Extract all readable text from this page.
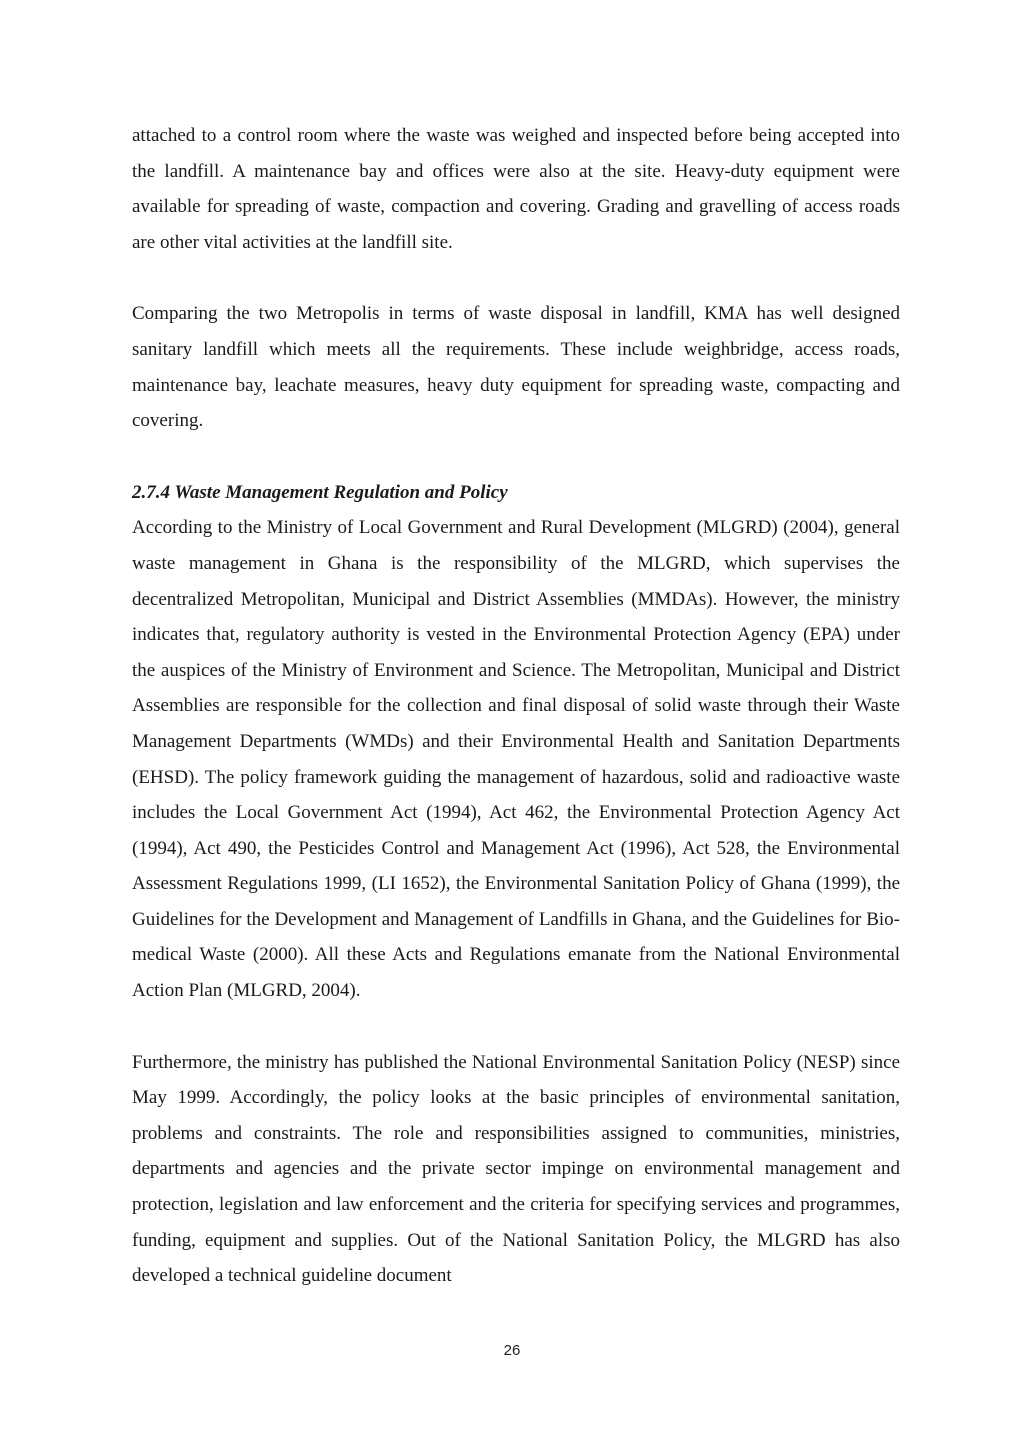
attached to a control room where the waste was weighed and inspected before being accepted into the landfill. A maintenance bay and offices were also at the site. Heavy-duty equipment were available for spreading of waste, compaction and covering. Grading and gravelling of access roads are other vital activities at the landfill site.

Comparing the two Metropolis in terms of waste disposal in landfill, KMA has well designed sanitary landfill which meets all the requirements. These include weighbridge, access roads, maintenance bay, leachate measures, heavy duty equipment for spreading waste, compacting and covering.

2.7.4 Waste Management Regulation and Policy

According to the Ministry of Local Government and Rural Development (MLGRD) (2004), general waste management in Ghana is the responsibility of the MLGRD, which supervises the decentralized Metropolitan, Municipal and District Assemblies (MMDAs). However, the ministry indicates that, regulatory authority is vested in the Environmental Protection Agency (EPA) under the auspices of the Ministry of Environment and Science. The Metropolitan, Municipal and District Assemblies are responsible for the collection and final disposal of solid waste through their Waste Management Departments (WMDs) and their Environmental Health and Sanitation Departments (EHSD). The policy framework guiding the management of hazardous, solid and radioactive waste includes the Local Government Act (1994), Act 462, the Environmental Protection Agency Act (1994), Act 490, the Pesticides Control and Management Act (1996), Act 528, the Environmental Assessment Regulations 1999, (LI 1652), the Environmental Sanitation Policy of Ghana (1999), the Guidelines for the Development and Management of Landfills in Ghana, and the Guidelines for Bio-medical Waste (2000). All these Acts and Regulations emanate from the National Environmental Action Plan (MLGRD, 2004).

Furthermore, the ministry has published the National Environmental Sanitation Policy (NESP) since May 1999. Accordingly, the policy looks at the basic principles of environmental sanitation, problems and constraints. The role and responsibilities assigned to communities, ministries, departments and agencies and the private sector impinge on environmental management and protection, legislation and law enforcement and the criteria for specifying services and programmes, funding, equipment and supplies. Out of the National Sanitation Policy, the MLGRD has also developed a technical guideline document

26
